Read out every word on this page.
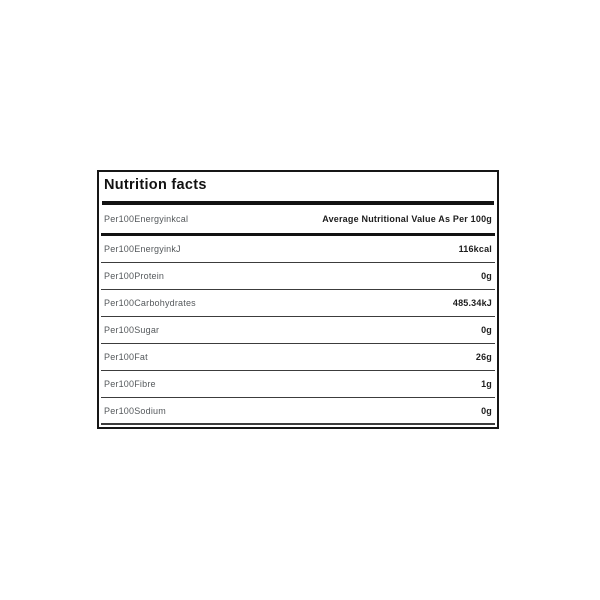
Nutrition facts
Per100Energyinkcal	Average Nutritional Value As Per 100g
Per100EnergyinkJ	116kcal
Per100Protein	0g
Per100Carbohydrates	485.34kJ
Per100Sugar	0g
Per100Fat	26g
Per100Fibre	1g
Per100Sodium	0g
